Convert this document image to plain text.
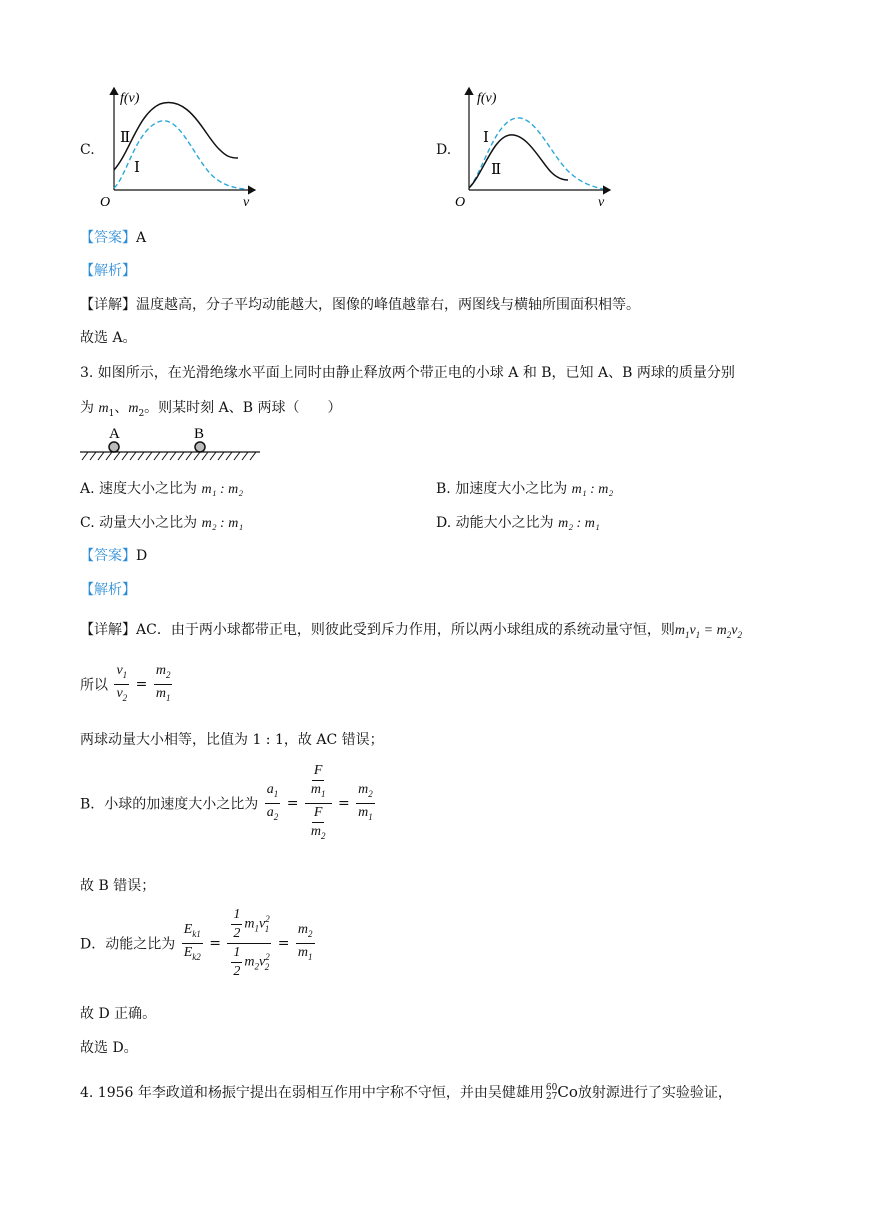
C.
f(v)
O	v
Ⅱ
Ⅰ
D.
f(v)
O	v
Ⅰ
Ⅱ
【答案】A
【解析】
【详解】温度越高，分子平均动能越大，图像的峰值越靠右，两图线与横轴所围面积相等。
故选 A。
3. 如图所示，在光滑绝缘水平面上同时由静止释放两个带正电的小球 A 和 B，已知 A、B 两球的质量分别
为 $m_1$、$m_2$。则某时刻 A、B 两球（　　）
A	B
A. 速度大小之比为 m₁ : m₂	B. 加速度大小之比为 m₁ : m₂
C. 动量大小之比为 m₂ : m₁	D. 动能大小之比为 m₂ : m₁
【答案】D
【解析】
【详解】AC．由于两小球都带正电，则彼此受到斥力作用，所以两小球组成的系统动量守恒，则$m_1v_1 = m_2v_2$
所以 $\frac{v_1}{v_2} = \frac{m_2}{m_1}$
两球动量大小相等，比值为 1 : 1，故 AC 错误；
B．小球的加速度大小之比为 $\frac{a_1}{a_2} = \frac{\frac{F}{m_1}}{\frac{F}{m_2}} = \frac{m_2}{m_1}$
故 B 错误；
D．动能之比为 $\frac{E_{k1}}{E_{k2}} = \frac{\frac{1}{2} m_1v^2_1}{\frac{1}{2} m_2v^2_2} = \frac{m_2}{m_1}$
故 D 正确。
故选 D。
4. 1956 年李政道和杨振宁提出在弱相互作用中宇称不守恒，并由吴健雄用 60
27 Co放射源进行了实验验证，
